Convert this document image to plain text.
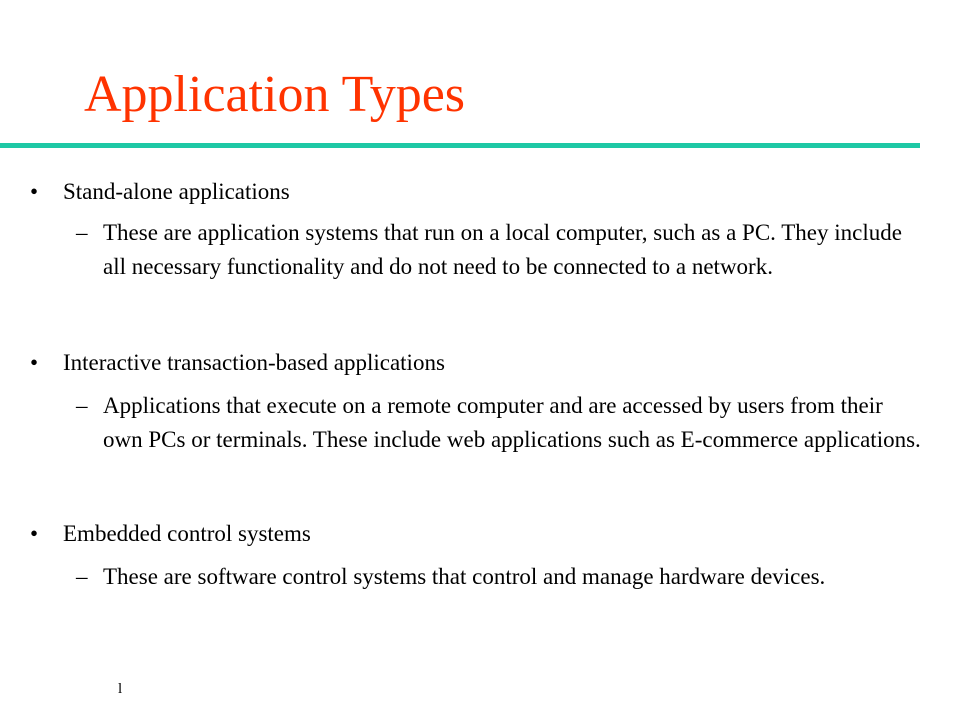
Application Types
• Stand-alone applications
– These are application systems that run on a local computer, such as a PC. They include all necessary functionality and do not need to be connected to a network.
• Interactive transaction-based applications
– Applications that execute on a remote computer and are accessed by users from their own PCs or terminals. These include web applications such as E-commerce applications.
• Embedded control systems
– These are software control systems that control and manage hardware devices.
l
